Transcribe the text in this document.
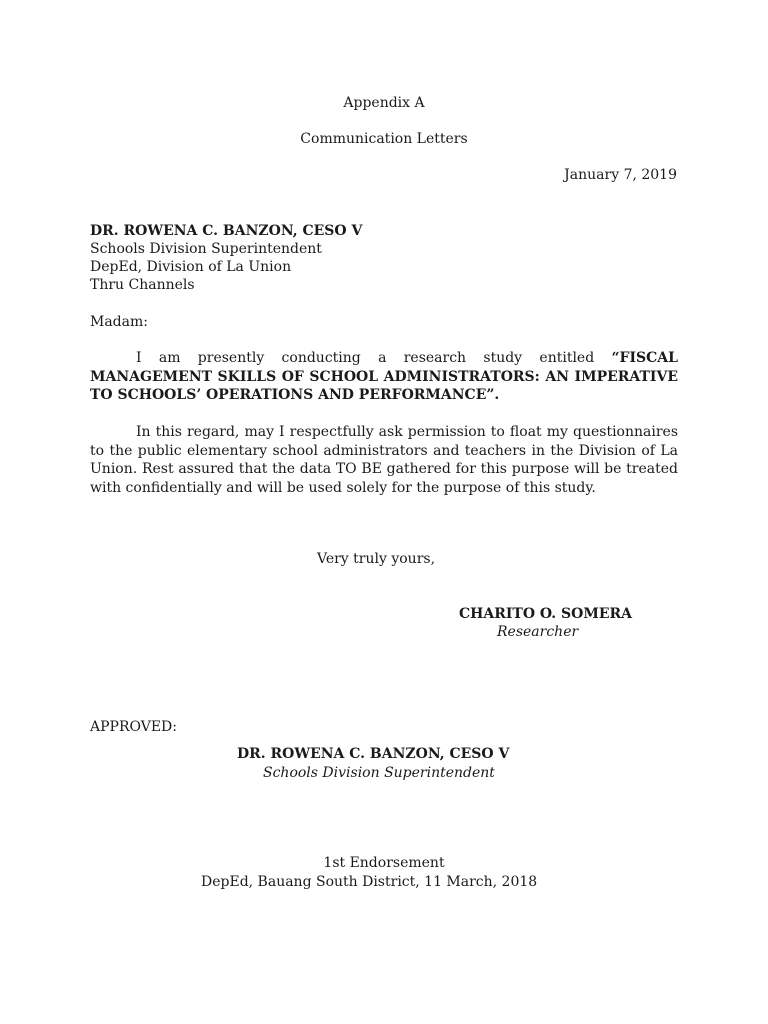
Appendix A
Communication Letters
January 7, 2019
DR. ROWENA C. BANZON, CESO V
Schools Division Superintendent
DepEd, Division of La Union
Thru Channels
Madam:
I am presently conducting a research study entitled “FISCAL MANAGEMENT SKILLS OF SCHOOL ADMINISTRATORS: AN IMPERATIVE TO SCHOOLS’ OPERATIONS AND PERFORMANCE”.
In this regard, may I respectfully ask permission to float my questionnaires to the public elementary school administrators and teachers in the Division of La Union. Rest assured that the data TO BE gathered for this purpose will be treated with confidentially and will be used solely for the purpose of this study.
Very truly yours,
CHARITO O. SOMERA
Researcher
APPROVED:
DR. ROWENA C. BANZON, CESO V
Schools Division Superintendent
1st Endorsement
DepEd, Bauang South District, 11 March, 2018
